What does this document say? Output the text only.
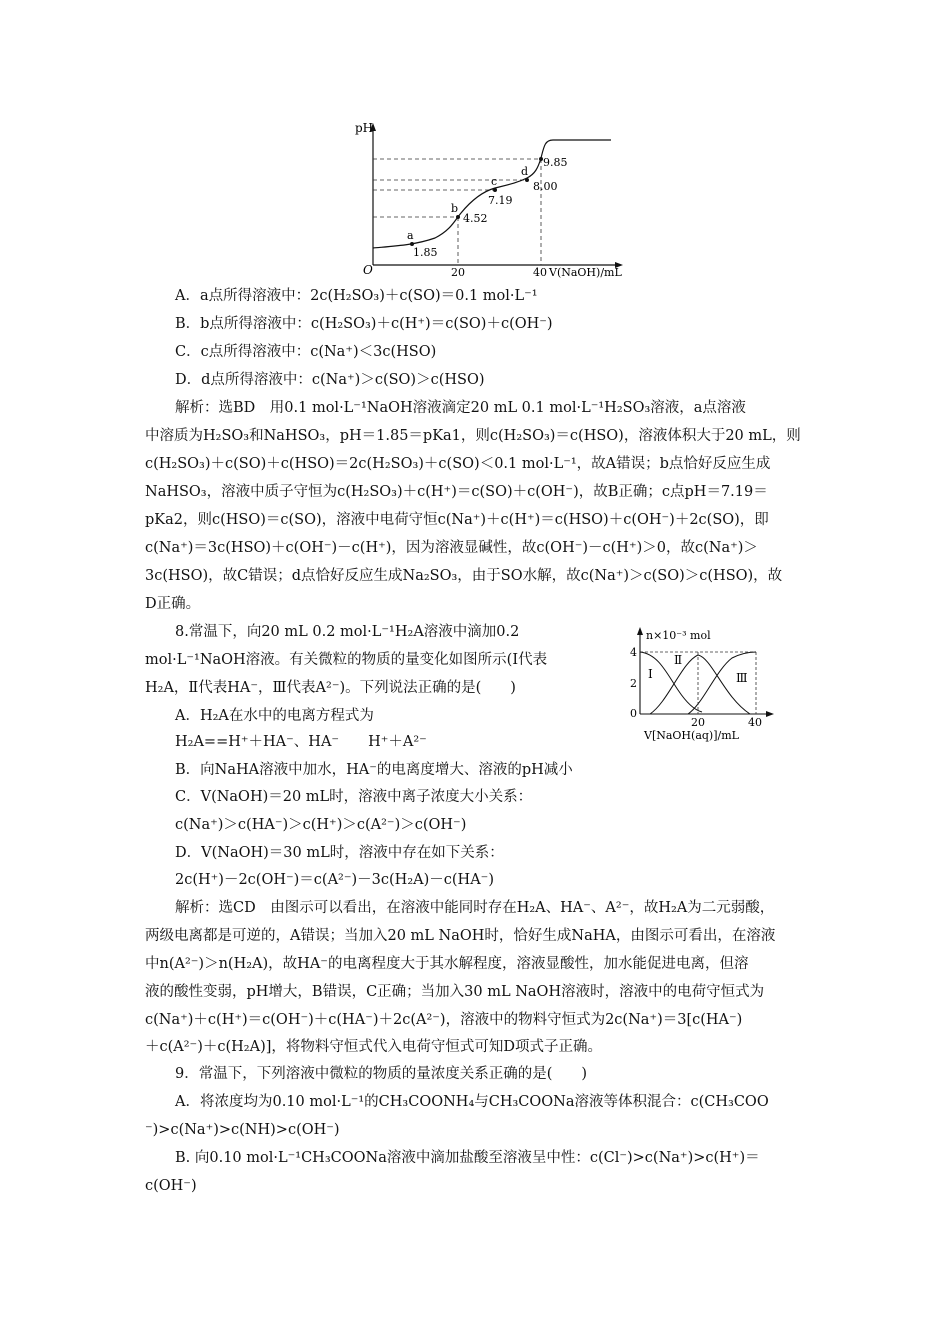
pH
O
a
1.85
b
4.52
c
7.19
d
8.00
9.85
20	40 V(NaOH)/mL
A．a点所得溶液中：2c(H₂SO₃)＋c(SO)＝0.1 mol·L⁻¹
B．b点所得溶液中：c(H₂SO₃)＋c(H⁺)＝c(SO)＋c(OH⁻)
C．c点所得溶液中：c(Na⁺)＜3c(HSO)
D．d点所得溶液中：c(Na⁺)＞c(SO)＞c(HSO)
解析：选BD　用0.1 mol·L⁻¹NaOH溶液滴定20 mL 0.1 mol·L⁻¹H₂SO₃溶液，a点溶液
中溶质为H₂SO₃和NaHSO₃，pH＝1.85＝pKa1，则c(H₂SO₃)＝c(HSO)，溶液体积大于20 mL，则
c(H₂SO₃)＋c(SO)＋c(HSO)＝2c(H₂SO₃)＋c(SO)＜0.1 mol·L⁻¹，故A错误；b点恰好反应生成
NaHSO₃，溶液中质子守恒为c(H₂SO₃)＋c(H⁺)＝c(SO)＋c(OH⁻)，故B正确；c点pH＝7.19＝
pKa2，则c(HSO)＝c(SO)，溶液中电荷守恒c(Na⁺)＋c(H⁺)＝c(HSO)＋c(OH⁻)＋2c(SO)，即
c(Na⁺)＝3c(HSO)＋c(OH⁻)－c(H⁺)，因为溶液显碱性，故c(OH⁻)－c(H⁺)＞0，故c(Na⁺)＞
3c(HSO)，故C错误；d点恰好反应生成Na₂SO₃，由于SO水解，故c(Na⁺)＞c(SO)＞c(HSO)，故
D正确。
8.常温下，向20 mL 0.2 mol·L⁻¹H₂A溶液中滴加0.2
mol·L⁻¹NaOH溶液。有关微粒的物质的量变化如图所示(Ⅰ代表
H₂A，Ⅱ代表HA⁻，Ⅲ代表A²⁻)。下列说法正确的是(　　)
n×10⁻³ mol
4
2
0
20	40
V[NaOH(aq)]/mL
Ⅰ
Ⅱ
Ⅲ
A．H₂A在水中的电离方程式为
H₂A==H⁺＋HA⁻、HA⁻　　H⁺＋A²⁻
B．向NaHA溶液中加水，HA⁻的电离度增大、溶液的pH减小
C．V(NaOH)＝20 mL时，溶液中离子浓度大小关系：
c(Na⁺)＞c(HA⁻)＞c(H⁺)＞c(A²⁻)＞c(OH⁻)
D．V(NaOH)＝30 mL时，溶液中存在如下关系：
2c(H⁺)－2c(OH⁻)＝c(A²⁻)－3c(H₂A)－c(HA⁻)
解析：选CD　由图示可以看出，在溶液中能同时存在H₂A、HA⁻、A²⁻，故H₂A为二元弱酸，
两级电离都是可逆的，A错误；当加入20 mL NaOH时，恰好生成NaHA，由图示可看出，在溶液
中n(A²⁻)＞n(H₂A)，故HA⁻的电离程度大于其水解程度，溶液显酸性，加水能促进电离，但溶
液的酸性变弱，pH增大，B错误，C正确；当加入30 mL NaOH溶液时，溶液中的电荷守恒式为
c(Na⁺)＋c(H⁺)＝c(OH⁻)＋c(HA⁻)＋2c(A²⁻)，溶液中的物料守恒式为2c(Na⁺)＝3[c(HA⁻)
＋c(A²⁻)＋c(H₂A)]，将物料守恒式代入电荷守恒式可知D项式子正确。
9．常温下，下列溶液中微粒的物质的量浓度关系正确的是(　　)
A．将浓度均为0.10 mol·L⁻¹的CH₃COONH₄与CH₃COONa溶液等体积混合：c(CH₃COO
⁻)>c(Na⁺)>c(NH)>c(OH⁻)
B. 向0.10 mol·L⁻¹CH₃COONa溶液中滴加盐酸至溶液呈中性：c(Cl⁻)>c(Na⁺)>c(H⁺)＝
c(OH⁻)
